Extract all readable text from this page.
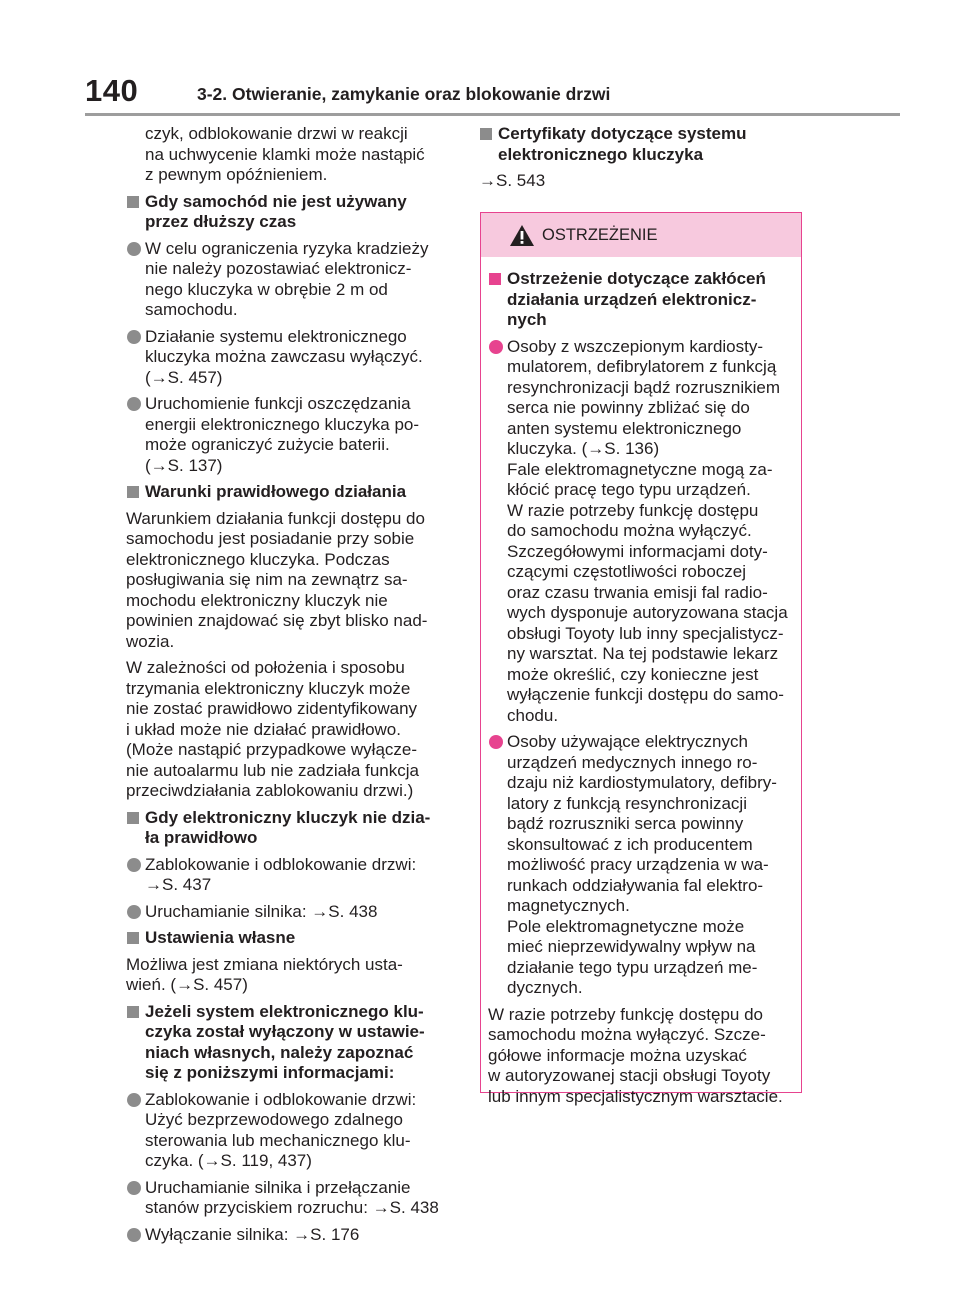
140	3-2. Otwieranie, zamykanie oraz blokowanie drzwi
czyk, odblokowanie drzwi w reakcji
na uchwycenie klamki może nastąpić
z pewnym opóźnieniem.
Gdy samochód nie jest używany
przez dłuższy czas
W celu ograniczenia ryzyka kradzieży
nie należy pozostawiać elektronicz-
nego kluczyka w obrębie 2 m od
samochodu.
Działanie systemu elektronicznego
kluczyka można zawczasu wyłączyć.
(→S. 457)
Uruchomienie funkcji oszczędzania
energii elektronicznego kluczyka po-
może ograniczyć zużycie baterii.
(→S. 137)
Warunki prawidłowego działania
Warunkiem działania funkcji dostępu do
samochodu jest posiadanie przy sobie
elektronicznego kluczyka. Podczas
posługiwania się nim na zewnątrz sa-
mochodu elektroniczny kluczyk nie
powinien znajdować się zbyt blisko nad-
wozia.
W zależności od położenia i sposobu
trzymania elektroniczny kluczyk może
nie zostać prawidłowo zidentyfikowany
i układ może nie działać prawidłowo.
(Może nastąpić przypadkowe wyłącze-
nie autoalarmu lub nie zadziała funkcja
przeciwdziałania zablokowaniu drzwi.)
Gdy elektroniczny kluczyk nie dzia-
ła prawidłowo
Zablokowanie i odblokowanie drzwi:
→S. 437
Uruchamianie silnika: →S. 438
Ustawienia własne
Możliwa jest zmiana niektórych usta-
wień. (→S. 457)
Jeżeli system elektronicznego klu-
czyka został wyłączony w ustawie-
niach własnych, należy zapoznać
się z poniższymi informacjami:
Zablokowanie i odblokowanie drzwi:
Użyć bezprzewodowego zdalnego
sterowania lub mechanicznego klu-
czyka. (→S. 119, 437)
Uruchamianie silnika i przełączanie
stanów przyciskiem rozruchu: →S. 438
Wyłączanie silnika: →S. 176
Certyfikaty dotyczące systemu
elektronicznego kluczyka
→S. 543
OSTRZEŻENIE
Ostrzeżenie dotyczące zakłóceń
działania urządzeń elektronicz-
nych
Osoby z wszczepionym kardiosty-
mulatorem, defibrylatorem z funkcją
resynchronizacji bądź rozrusznikiem
serca nie powinny zbliżać się do
anten systemu elektronicznego
kluczyka. (→S. 136)
Fale elektromagnetyczne mogą za-
kłócić pracę tego typu urządzeń.
W razie potrzeby funkcję dostępu
do samochodu można wyłączyć.
Szczegółowymi informacjami doty-
czącymi częstotliwości roboczej
oraz czasu trwania emisji fal radio-
wych dysponuje autoryzowana stacja
obsługi Toyoty lub inny specjalistycz-
ny warsztat. Na tej podstawie lekarz
może określić, czy konieczne jest
wyłączenie funkcji dostępu do samo-
chodu.
Osoby używające elektrycznych
urządzeń medycznych innego ro-
dzaju niż kardiostymulatory, defibry-
latory z funkcją resynchronizacji
bądź rozruszniki serca powinny
skonsultować z ich producentem
możliwość pracy urządzenia w wa-
runkach oddziaływania fal elektro-
magnetycznych.
Pole elektromagnetyczne może
mieć nieprzewidywalny wpływ na
działanie tego typu urządzeń me-
dycznych.
W razie potrzeby funkcję dostępu do
samochodu można wyłączyć. Szcze-
gółowe informacje można uzyskać
w autoryzowanej stacji obsługi Toyoty
lub innym specjalistycznym warsztacie.
